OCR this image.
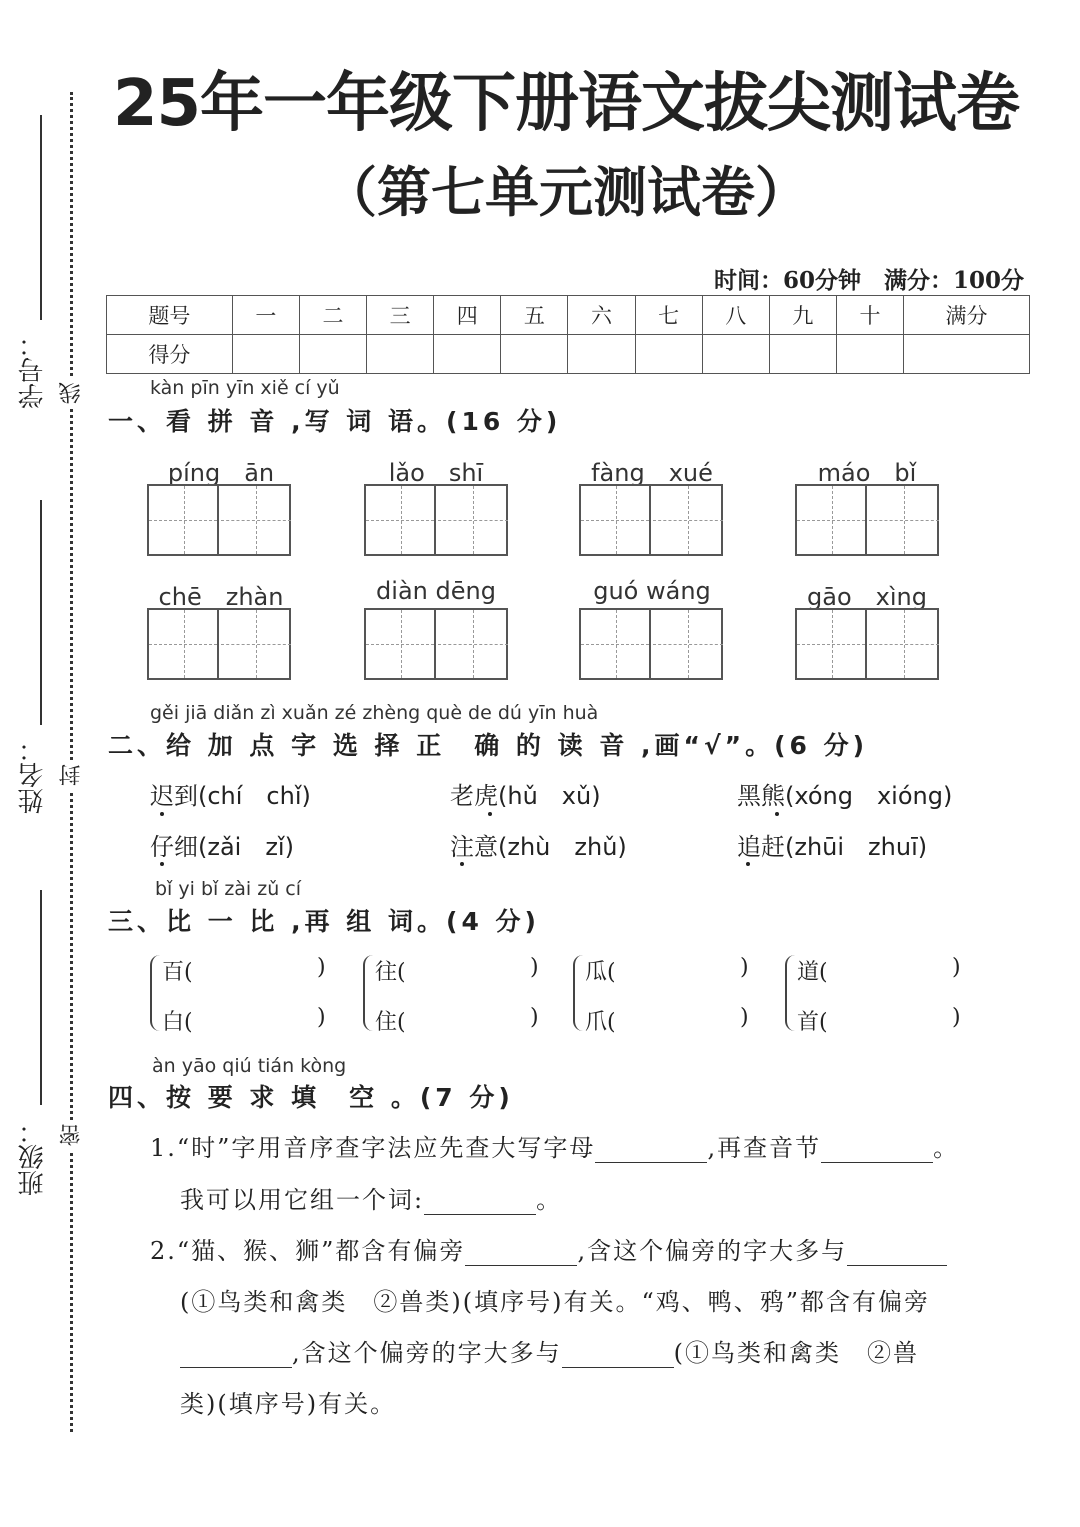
学号：
姓名：
班级：
线
封
密
25年一年级下册语文拔尖测试卷
（第七单元测试卷）
时间：60分钟　满分：100分
题号	一	二	三	四	五	六	七	八	九	十	满分
得分											
kàn pīn yīn xiě cí yǔ
一、看 拼 音 ,写 词 语。(16 分)
píng　ān	lǎo　shī	fàng　xué	máo　bǐ
chē　zhàn	diàn dēng	guó wáng	gāo　xìng
gěi jiā diǎn zì xuǎn zé zhèng què de dú yīn huà
二、给 加 点 字 选 择 正　确 的 读 音 ,画“√”。(6 分)
迟到(chí　chǐ)	老虎(hǔ　xǔ)	黑熊(xóng　xióng)
仔细(zǎi　zǐ)	注意(zhù　zhǔ)	追赶(zhūi　zhuī)
bǐ yi bǐ zài zǔ cí
三、比 一 比 ,再 组 词。(4 分)
百(	)
白(	)
往(	)
住(	)
瓜(	)
爪(	)
道(	)
首(	)
àn yāo qiú tián kòng
四、按 要 求 填　空 。(7 分)
1.“时”字用音序查字法应先查大写字母	,再查音节	。
我可以用它组一个词:	。
2.“猫、猴、狮”都含有偏旁	,含这个偏旁的字大多与
(①鸟类和禽类　②兽类)(填序号)有关。“鸡、鸭、鸦”都含有偏旁
,含这个偏旁的字大多与	(①鸟类和禽类　②兽
类)(填序号)有关。
